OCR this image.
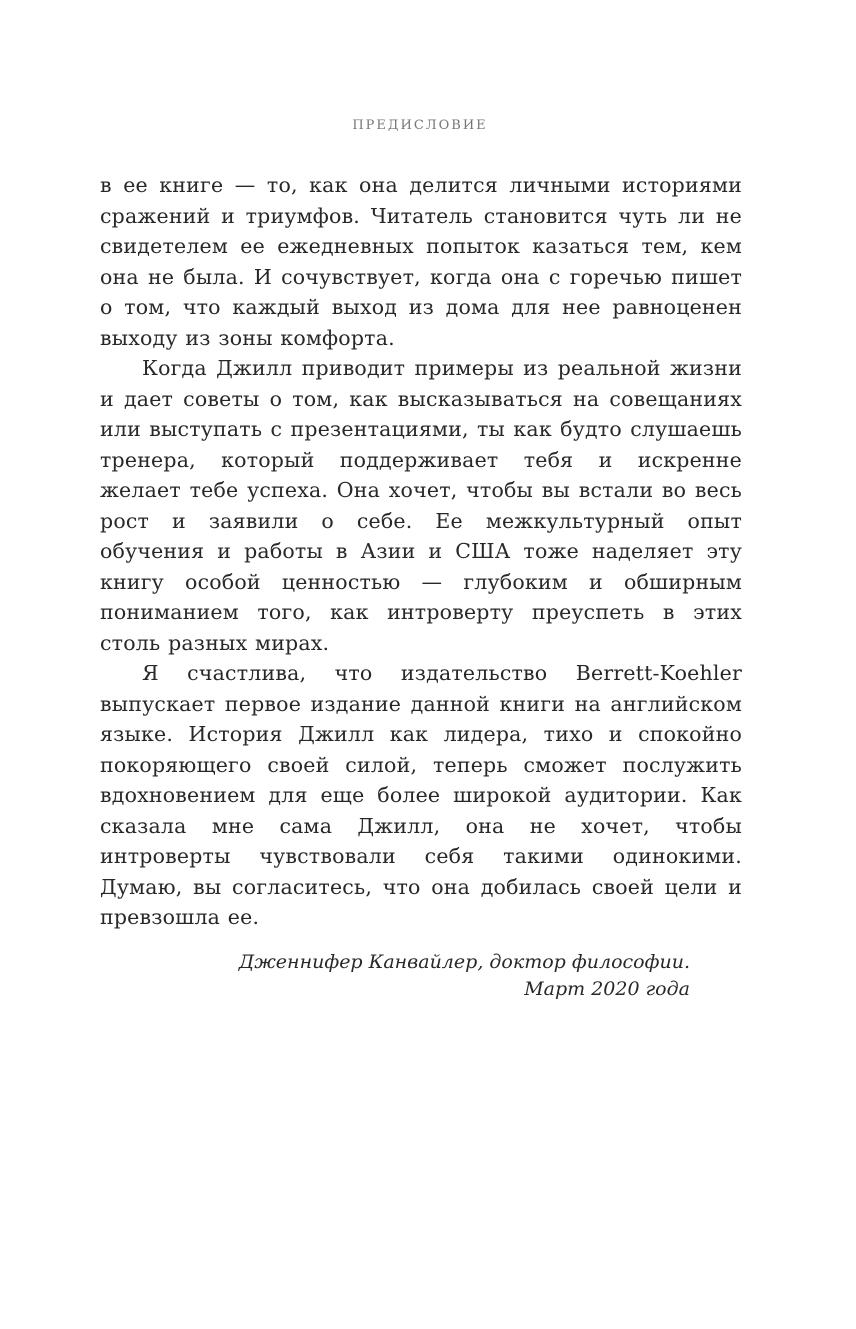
ПРЕДИСЛОВИЕ

в ее книге — то, как она делится личными историями сражений и триумфов. Читатель становится чуть ли не свидетелем ее ежедневных попыток казаться тем, кем она не была. И сочувствует, когда она с горечью пишет о том, что каждый выход из дома для нее равноценен выходу из зоны комфорта.

Когда Джилл приводит примеры из реальной жизни и дает советы о том, как высказываться на совещаниях или выступать с презентациями, ты как будто слушаешь тренера, который поддерживает тебя и искренне желает тебе успеха. Она хочет, чтобы вы встали во весь рост и заявили о себе. Ее межкультурный опыт обучения и работы в Азии и США тоже наделяет эту книгу особой ценностью — глубоким и обширным пониманием того, как интроверту преуспеть в этих столь разных мирах.

Я счастлива, что издательство Berrett-Koehler выпускает первое издание данной книги на английском языке. История Джилл как лидера, тихо и спокойно покоряющего своей силой, теперь сможет послужить вдохновением для еще более широкой аудитории. Как сказала мне сама Джилл, она не хочет, чтобы интроверты чувствовали себя такими одинокими. Думаю, вы согласитесь, что она добилась своей цели и превзошла ее.

Дженнифер Канвайлер, доктор философии.
Март 2020 года
